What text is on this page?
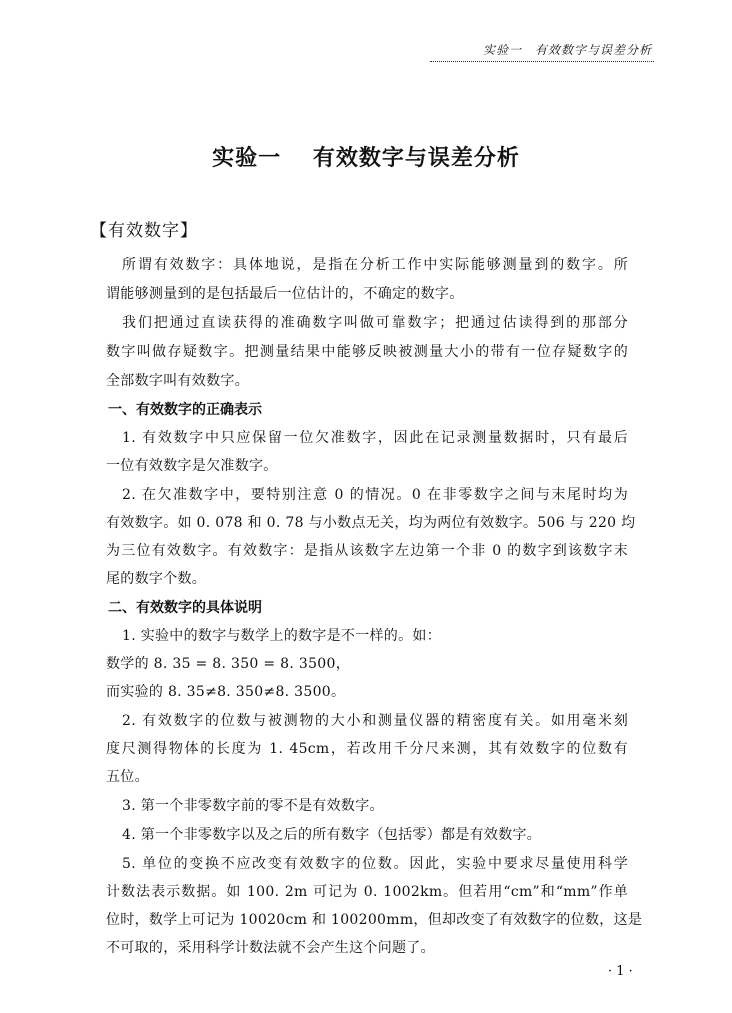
实验一　有效数字与误差分析
实验一　 有效数字与误差分析
【有效数字】
所谓有效数字：具体地说，是指在分析工作中实际能够测量到的数字。所
谓能够测量到的是包括最后一位估计的，不确定的数字。
我们把通过直读获得的准确数字叫做可靠数字；把通过估读得到的那部分
数字叫做存疑数字。把测量结果中能够反映被测量大小的带有一位存疑数字的
全部数字叫有效数字。
一、有效数字的正确表示
1. 有效数字中只应保留一位欠准数字，因此在记录测量数据时，只有最后
一位有效数字是欠准数字。
2. 在欠准数字中，要特别注意 0 的情况。0 在非零数字之间与末尾时均为
有效数字。如 0. 078 和 0. 78 与小数点无关，均为两位有效数字。506 与 220 均
为三位有效数字。有效数字：是指从该数字左边第一个非 0 的数字到该数字末
尾的数字个数。
二、有效数字的具体说明
1. 实验中的数字与数学上的数字是不一样的。如：
数学的 8. 35 = 8. 350 = 8. 3500，
而实验的 8. 35≠8. 350≠8. 3500。
2. 有效数字的位数与被测物的大小和测量仪器的精密度有关。如用毫米刻
度尺测得物体的长度为 1. 45cm，若改用千分尺来测，其有效数字的位数有
五位。
3. 第一个非零数字前的零不是有效数字。
4. 第一个非零数字以及之后的所有数字（包括零）都是有效数字。
5. 单位的变换不应改变有效数字的位数。因此，实验中要求尽量使用科学
计数法表示数据。如 100. 2m 可记为 0. 1002km。但若用“cm”和“mm”作单
位时，数学上可记为 10020cm 和 100200mm，但却改变了有效数字的位数，这是
不可取的，采用科学计数法就不会产生这个问题了。
· 1 ·
